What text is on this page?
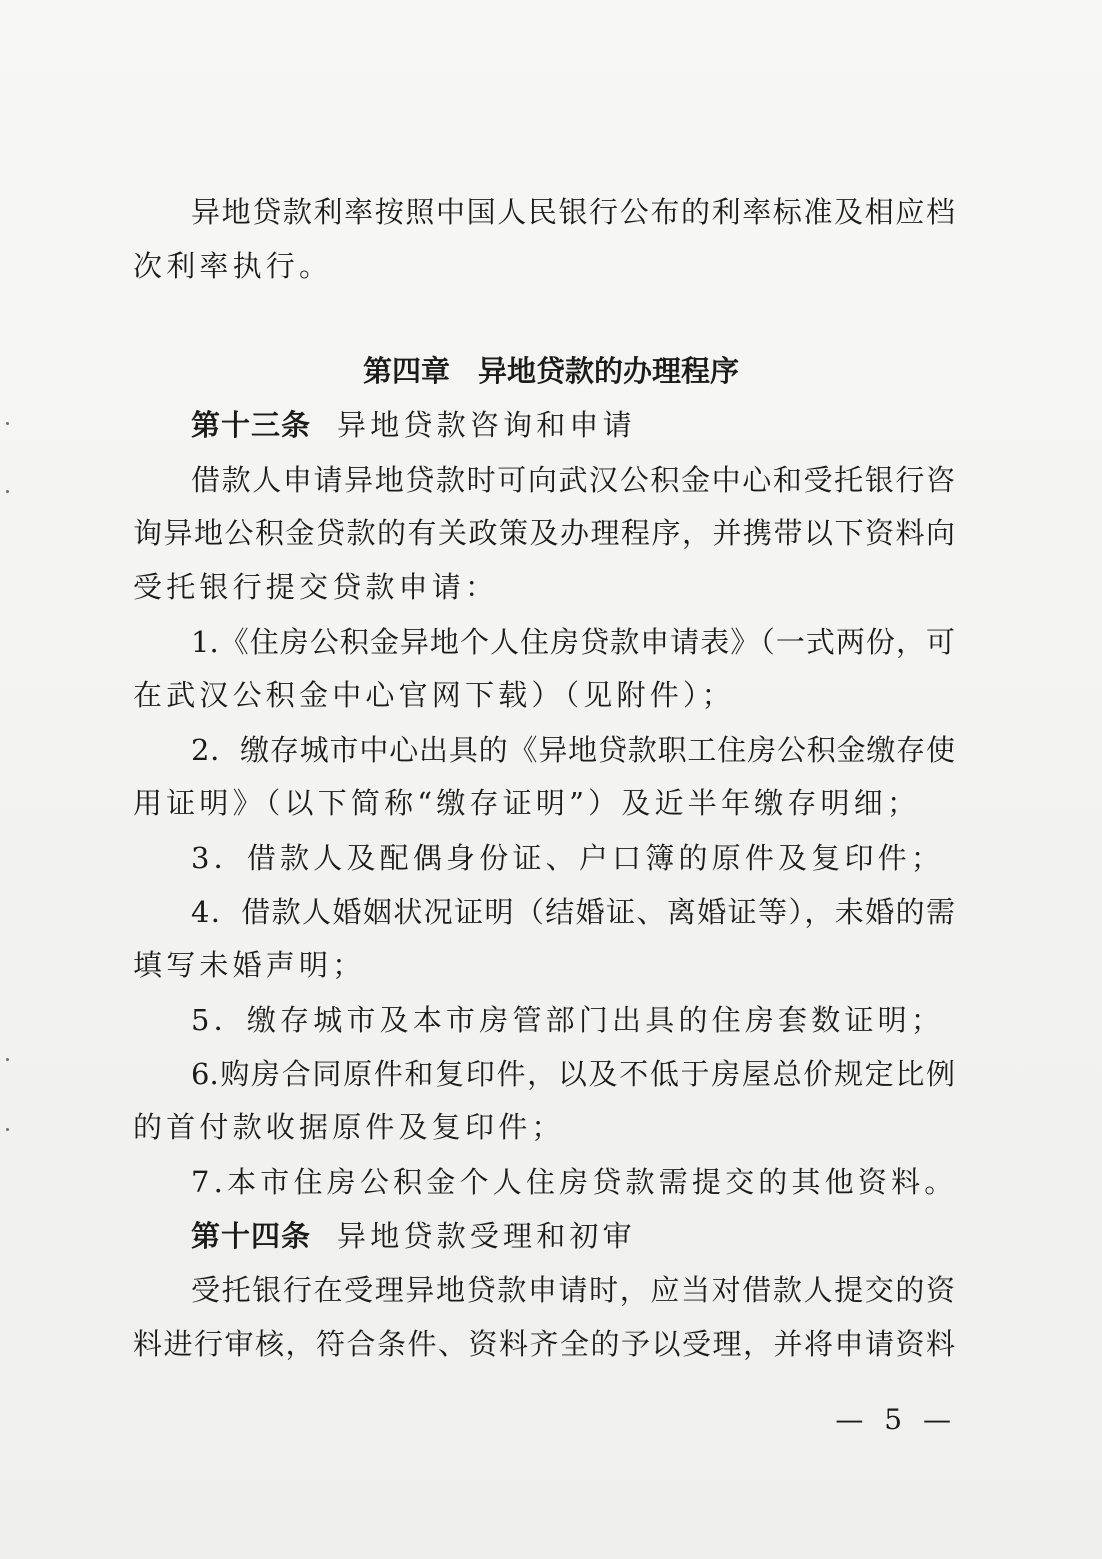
异地贷款利率按照中国人民银行公布的利率标准及相应档
次利率执行。
第四章 异地贷款的办理程序
第十三条 异地贷款咨询和申请
借款人申请异地贷款时可向武汉公积金中心和受托银行咨
询异地公积金贷款的有关政策及办理程序，并携带以下资料向
受托银行提交贷款申请：
1.《住房公积金异地个人住房贷款申请表》（一式两份，可
在武汉公积金中心官网下载）（见附件）；
2．缴存城市中心出具的《异地贷款职工住房公积金缴存使
用证明》（以下简称“缴存证明”）及近半年缴存明细；
3．借款人及配偶身份证、户口簿的原件及复印件；
4．借款人婚姻状况证明（结婚证、离婚证等），未婚的需
填写未婚声明；
5．缴存城市及本市房管部门出具的住房套数证明；
6.购房合同原件和复印件，以及不低于房屋总价规定比例
的首付款收据原件及复印件；
7.本市住房公积金个人住房贷款需提交的其他资料。
第十四条 异地贷款受理和初审
受托银行在受理异地贷款申请时，应当对借款人提交的资
料进行审核，符合条件、资料齐全的予以受理，并将申请资料
— 5 —
